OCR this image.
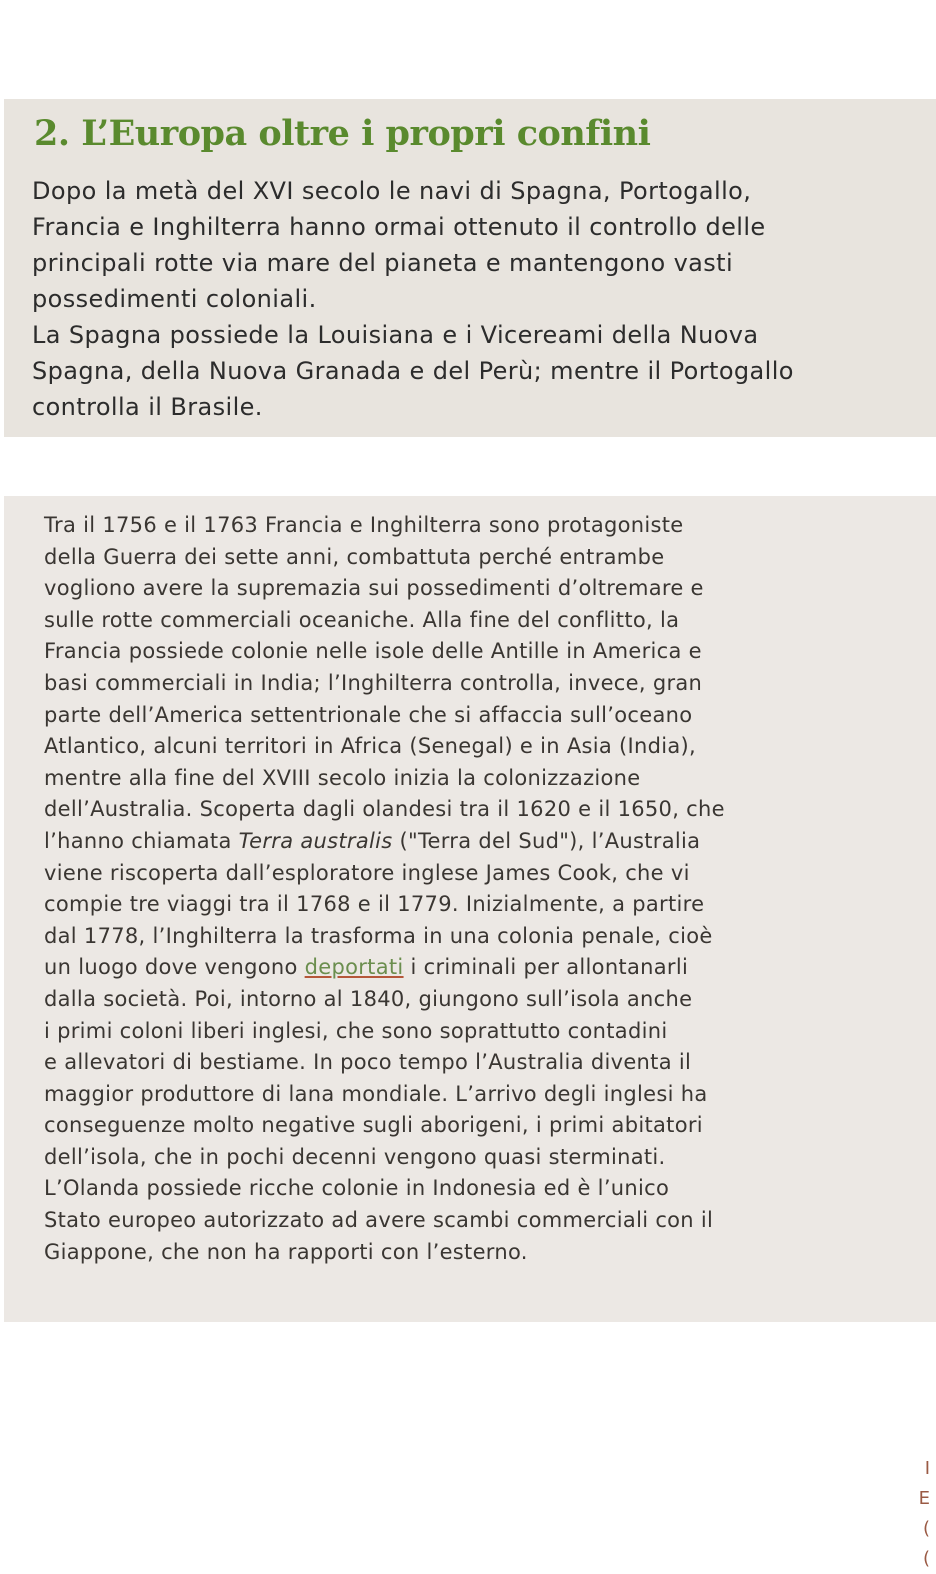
2. L’Europa oltre i propri confini

Dopo la metà del XVI secolo le navi di Spagna, Portogallo,

Francia e Inghilterra hanno ormai ottenuto il controllo delle

principali rotte via mare del pianeta e mantengono vasti

possedimenti coloniali.

La Spagna possiede la Louisiana e i Vicereami della Nuova

Spagna, della Nuova Granada e del Perù; mentre il Portogallo

controlla il Brasile.

Tra il 1756 e il 1763 Francia e Inghilterra sono protagoniste

della Guerra dei sette anni, combattuta perché entrambe

vogliono avere la supremazia sui possedimenti d’oltremare e

sulle rotte commerciali oceaniche. Alla fine del conflitto, la

Francia possiede colonie nelle isole delle Antille in America e

basi commerciali in India; l’Inghilterra controlla, invece, gran

parte dell’America settentrionale che si affaccia sull’oceano

Atlantico, alcuni territori in Africa (Senegal) e in Asia (India),

mentre alla fine del XVIII secolo inizia la colonizzazione

dell’Australia. Scoperta dagli olandesi tra il 1620 e il 1650, che

l’hanno chiamata Terra australis ("Terra del Sud"), l’Australia

viene riscoperta dall’esploratore inglese James Cook, che vi

compie tre viaggi tra il 1768 e il 1779. Inizialmente, a partire

dal 1778, l’Inghilterra la trasforma in una colonia penale, cioè

un luogo dove vengono deportati i criminali per allontanarli

dalla società. Poi, intorno al 1840, giungono sull’isola anche

i primi coloni liberi inglesi, che sono soprattutto contadini

e allevatori di bestiame. In poco tempo l’Australia diventa il

maggior produttore di lana mondiale. L’arrivo degli inglesi ha

conseguenze molto negative sugli aborigeni, i primi abitatori

dell’isola, che in pochi decenni vengono quasi sterminati.

L’Olanda possiede ricche colonie in Indonesia ed è l’unico

Stato europeo autorizzato ad avere scambi commerciali con il

Giappone, che non ha rapporti con l’esterno.

I
E
(
(
